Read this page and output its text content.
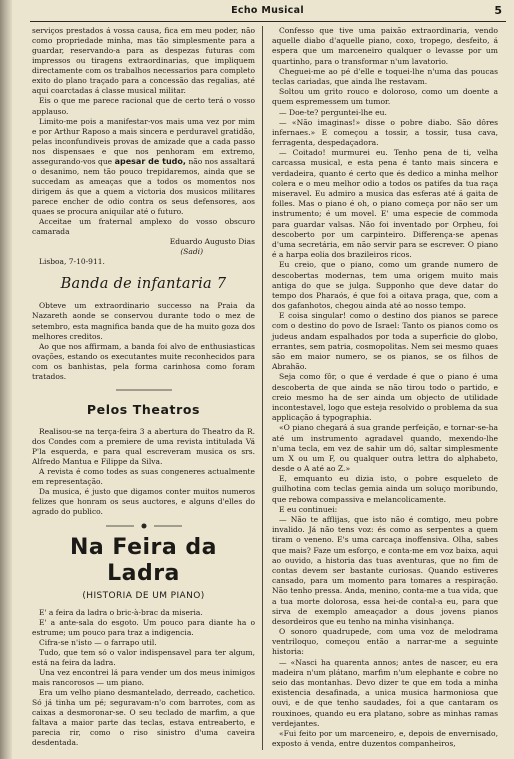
Echo Musical	5

serviços prestados á vossa causa, fica em meu poder, não como propriedade minha, mas tão simplesmente para a guardar, reservando-a para as despezas futuras com impressos ou tiragens extraordinarias, que impliquem directamente com os trabalhos necessarios para completo exito do plano traçado para a concessão das regalias, até aqui coarctadas á classe musical militar.

Eis o que me parece racional que de certo terá o vosso applauso.

Limito-me pois a manifestar-vos mais uma vez por mim e por Arthur Raposo a mais sincera e perduravel gratidão, pelas inconfundiveis provas de amizade que a cada passo nos dispensaes e que nos penhoram em extremo, assegurando-vos que apesar de tudo, não nos assaltará o desanimo, nem tão pouco trepidaremos, ainda que se succedam as ameaças que a todos os momentos nos dirigem ás que a quem a victoria dos musicos militares parece encher de odio contra os seus defensores, aos quaes se procura aniquilar até o futuro.

Acceitae um fraternal amplexo do vosso obscuro camarada

Eduardo Augusto Dias
(Sadi)

Lisboa, 7-10-911.

Banda de infantaria 7

Obteve um extraordinario successo na Praia da Nazareth aonde se conservou durante todo o mez de setembro, esta magnifica banda que de ha muito goza dos melhores creditos.

Ao que nos affirmam, a banda foi alvo de enthusiasticas ovações, estando os executantes muite reconhecidos para com os banhistas, pela forma carinhosa como foram tratados.

Pelos Theatros

Realisou-se na terça-feira 3 a abertura do Theatro da R. dos Condes com a premiere de uma revista intitulada Vá P'la esquerda, e para qual escreveram musica os srs. Alfredo Mantua e Filippe da Silva.

A revista é como todes as suas congeneres actualmente em representação.

Da musica, é justo que digamos conter muitos numeros felizes que honram os seus auctores, e alguns d'elles do agrado do publico.

Na Feira da Ladra
(HISTORIA DE UM PIANO)

E' a feira da ladra o bric-à-brac da miseria.

E' a ante-sala do esgoto. Um pouco para diante ha o estrume; um pouco para traz a indigencia.

Cifra-se n'isto — o farrapo util.

Tudo, que tem só o valor indispensavel para ter algum, está na feira da ladra.

Una vez encontrei lá para vender um dos meus inimigos mais rancorosos — um piano.

Era um velho piano desmantelado, derreado, cachetico. Só já tinha um pé; seguravam-n'o com barrotes, com as caixas a desmoronar-se. O seu teclado de marfim, a que faltava a maior parte das teclas, estava entreaberto, e parecia rir, como o riso sinistro d'uma caveira desdentada.

Confesso que tive uma paixão extraordinaria, vendo aquelle diabo d'aquelle piano, coxo, tropego, desfeito, á espera que um marceneiro qualquer o levasse por um quartinho, para o transformar n'um lavatorio.

Cheguei-me ao pé d'elle e toquei-lhe n'uma das poucas teclas cariadas, que ainda lhe restavam.

Soltou um grito rouco e doloroso, como um doente a quem espremessem um tumor.

— Doe-te? perguntei-lhe eu.

— «Não imaginas!» disse o pobre diabo. São dôres infernaes.» E começou a tossir, a tossir, tusa cava, ferragenta, despedaçadora.

— Coitado! murmurei eu. Tenho pena de ti, velha carcassa musical, e esta pena é tanto mais sincera e verdadeira, quanto é certo que és dedico a minha melhor colera e o meu melhor odio a todos os patifes da tua raça miseravel. Eu admiro a musica das esferas até á gaita de folles. Mas o piano é oh, o piano começa por não ser um instrumento; é um movel. E' uma especie de commoda para guardar valsas. Não foi inventado por Orpheu, foi descoberto por um carpinteiro. Differença-se apenas d'uma secretária, em não servir para se escrever. O piano é a harpa eolia dos brazileiros ricos.

Eu creio, que o piano, como um grande numero de descobertas modernas, tem uma origem muito mais antiga do que se julga. Supponho que deve datar do tempo dos Pharaós, é que foi a oitava praga, que, com a dos gafanhotos, chegou ainda até ao nosso tempo.

E coisa singular! como o destino dos pianos se parece com o destino do povo de Israel: Tanto os pianos como os judeus andam espalhados por toda a superficie do globo, errantes, sem patria, cosmopolitas. Nem sei mesmo quaes são em maior numero, se os pianos, se os filhos de Abrahão.

Seja como fôr, o que é verdade é que o piano é uma descoberta de que ainda se não tirou todo o partido, e creio mesmo ha de ser ainda um objecto de utilidade incontestavel, logo que esteja resolvido o problema da sua applicação á typographia.

«O piano chegará á sua grande perfeição, e tornar-se-ha até um instrumento agradavel quando, mexendo-lhe n'uma tecla, em vez de sahir um dó, saltar simplesmente um X ou um F, ou qualquer outra lettra do alphabeto, desde o A até ao Z.»

E, emquanto eu dizia isto, o pobre esqueleto de guilhotina com teclas gemia ainda um soluço moribundo, que rebowa compassiva e melancolicamente.

E eu continuei:

— Não te afflijas, que isto não é comtigo, meu pobre invalido. Já não tens voz: és como as serpentes a quem tiram o veneno. E's uma carcaça inoffensiva. Olha, sabes que mais? Faze um esforço, e conta-me em voz baixa, aqui ao ouvido, a historia das tuas aventuras, que no fim de contas devem ser bastante curiosas. Quando estiveres cansado, para um momento para tomares a respiração. Não tenho pressa. Anda, menino, conta-me a tua vida, que a tua morte dolorosa, essa hei-de contal-a eu, para que sirva de exemplo ameaçador a dous jovens pianos desordeiros que eu tenho na minha visinhança.

O sonoro quadrupede, com uma voz de melodrama ventriloquo, começou então a narrar-me a seguinte historia:

— «Nasci ha quarenta annos; antes de nascer, eu era madeira n'um plátano, marfim n'um elephante e cobre no seio das montanhas. Devo dizer te que em toda a minha existencia desafinada, a unica musica harmoniosa que ouvi, e de que tenho saudades, foi a que cantaram os rouxinoes, quando eu era platano, sobre as minhas ramas verdejantes.

«Fui feito por um marceneiro, e, depois de envernisado, exposto á venda, entre duzentos companheiros,
